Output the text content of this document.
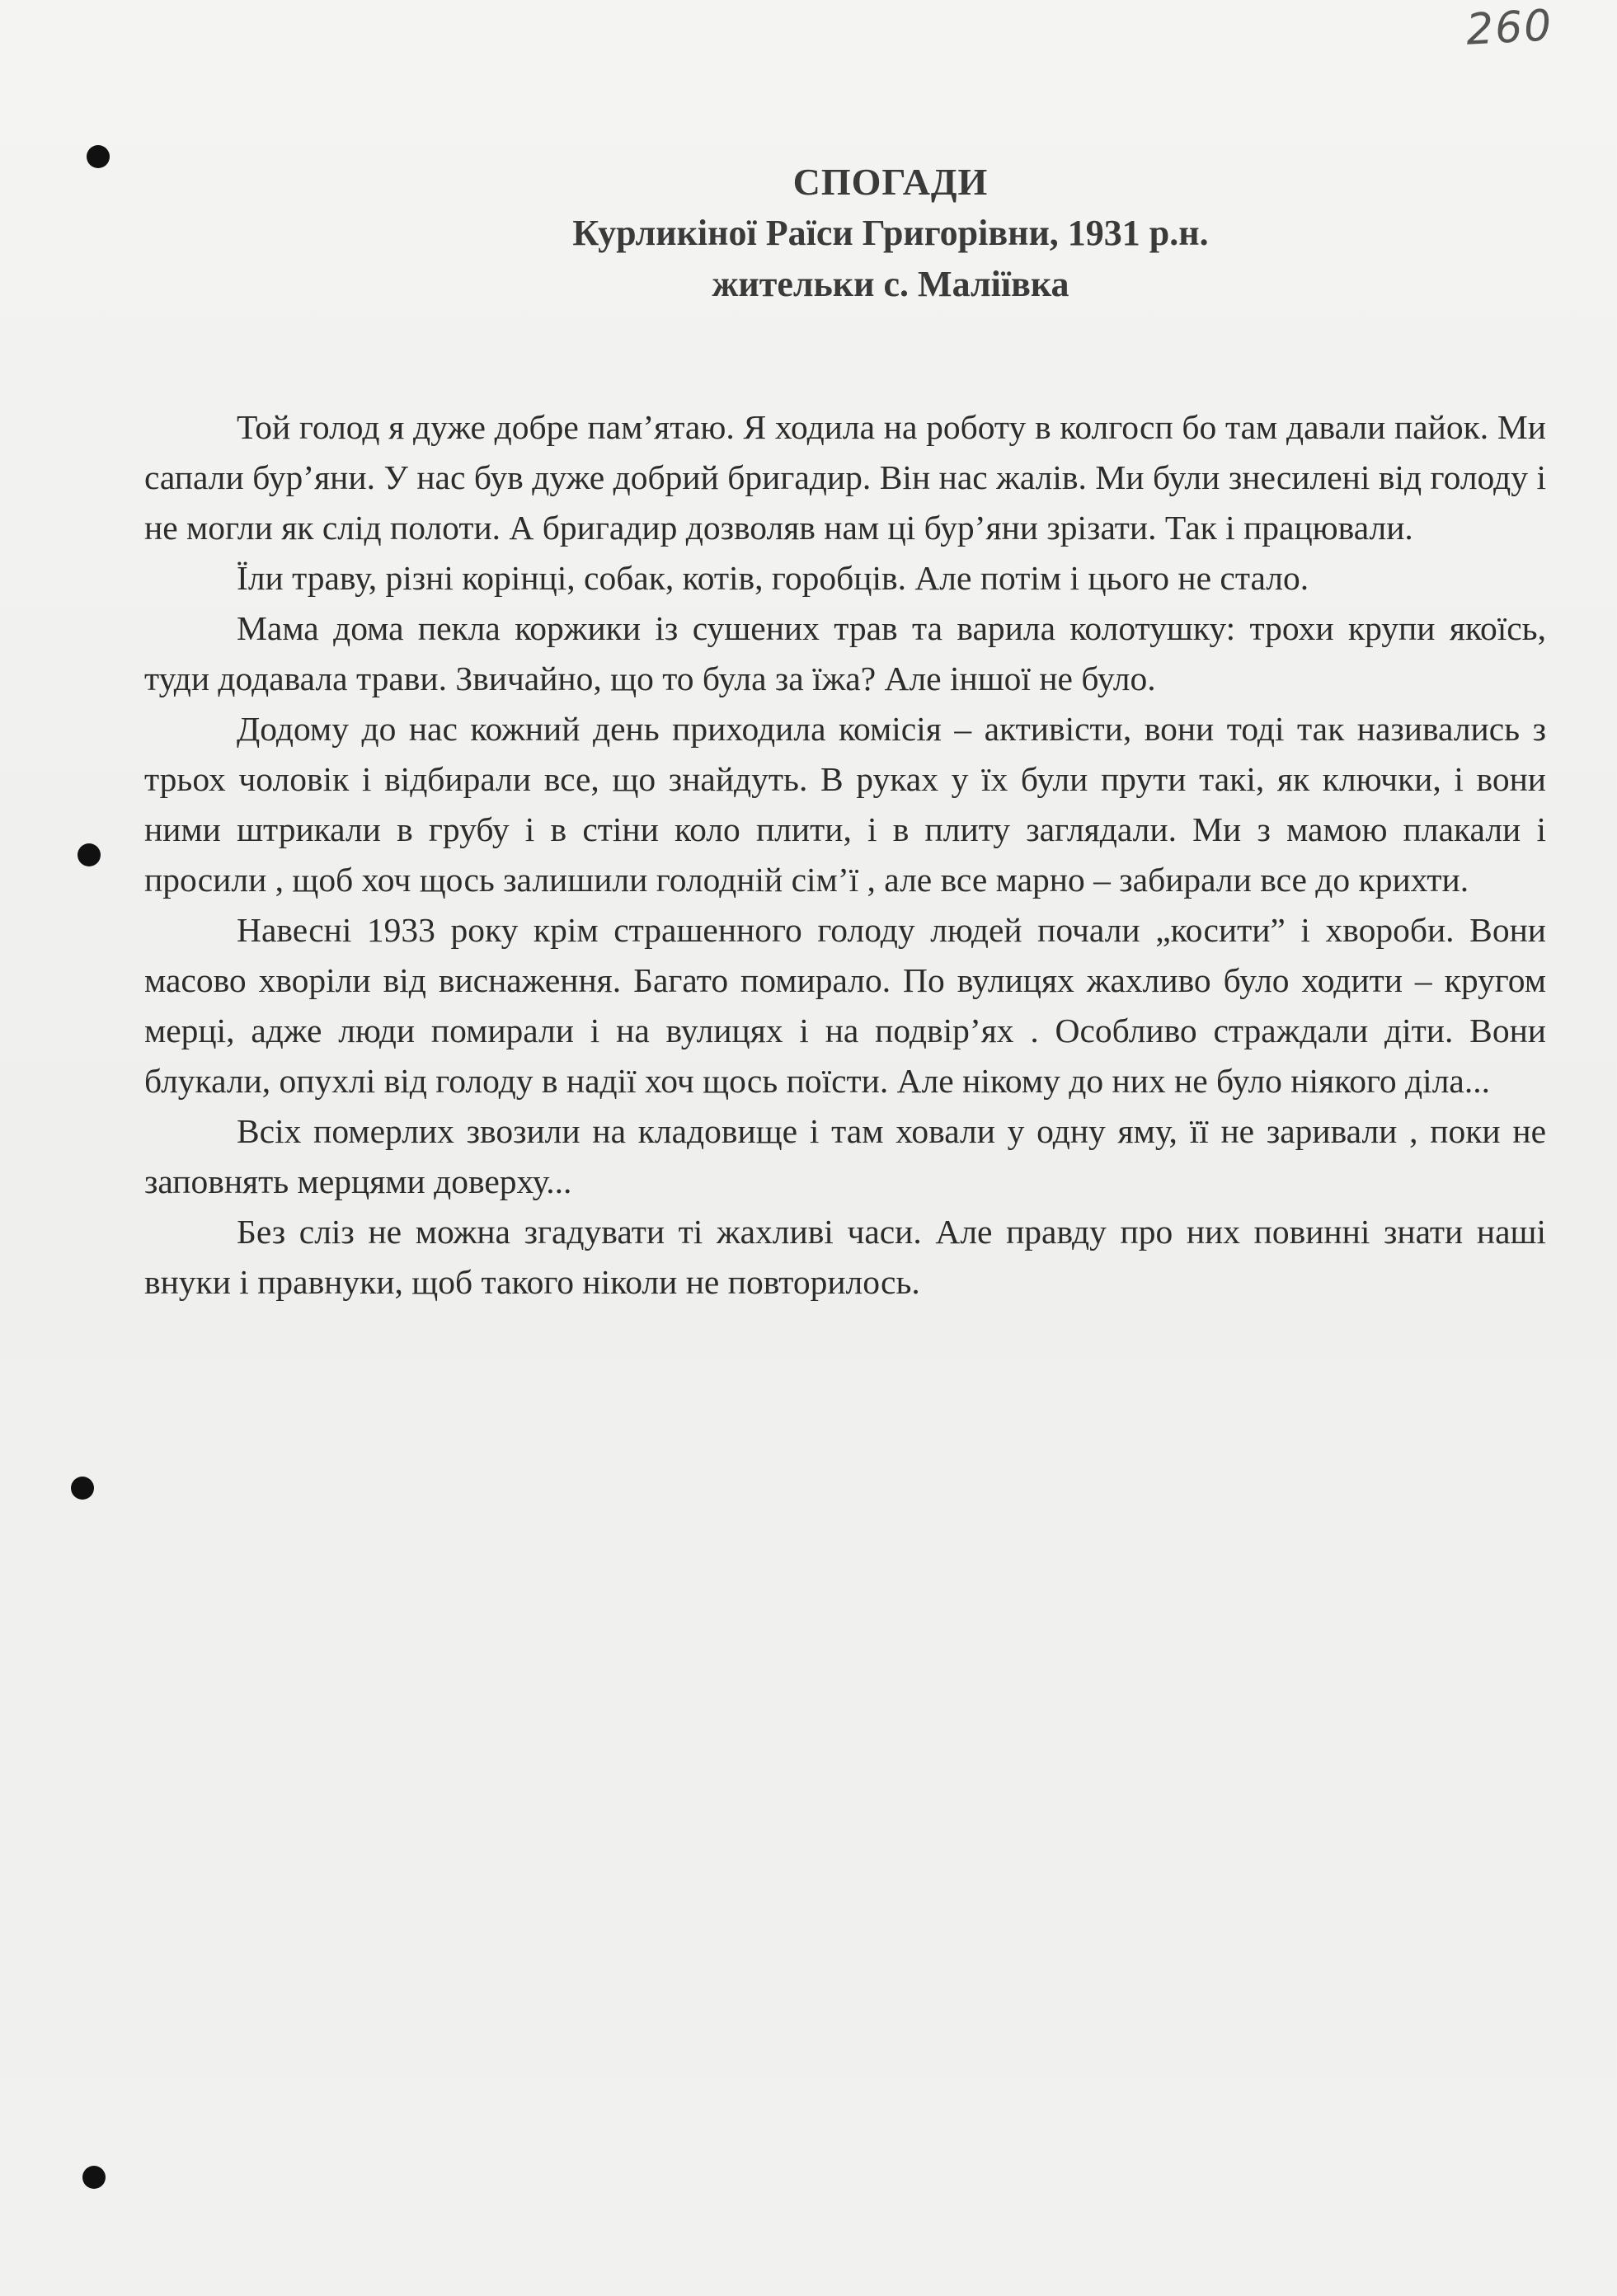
260
СПОГАДИ
Курликіної Раїси Григорівни, 1931 р.н.
жительки с. Маліївка

Той голод я дуже добре пам’ятаю. Я ходила на роботу в колгосп бо там давали пайок. Ми сапали бур’яни. У нас був дуже добрий бригадир. Він нас жалів. Ми були знесилені від голоду і не могли як слід полоти. А бригадир дозволяв нам ці бур’яни зрізати. Так і працювали.

Їли траву, різні корінці, собак, котів, горобців. Але потім і цього не стало.

Мама дома пекла коржики із сушених трав та варила колотушку: трохи крупи якоїсь, туди додавала трави. Звичайно, що то була за їжа? Але іншої не було.

Додому до нас кожний день приходила комісія – активісти, вони тоді так називались з трьох чоловік і відбирали все, що знайдуть. В руках у їх були прути такі, як ключки, і вони ними штрикали в грубу і в стіни коло плити, і в плиту заглядали. Ми з мамою плакали і просили , щоб хоч щось залишили голодній сім’ї , але все марно – забирали все до крихти.

Навесні 1933 року крім страшенного голоду людей почали „косити” і хвороби. Вони масово хворіли від виснаження. Багато помирало. По вулицях жахливо було ходити – кругом мерці, адже люди помирали і на вулицях і на подвір’ях . Особливо страждали діти. Вони блукали, опухлі від голоду в надії хоч щось поїсти. Але нікому до них не було ніякого діла...

Всіх померлих звозили на кладовище і там ховали у одну яму, її не заривали , поки не заповнять мерцями доверху...

Без сліз не можна згадувати ті жахливі часи. Але правду про них повинні знати наші внуки і правнуки, щоб такого ніколи не повторилось.
